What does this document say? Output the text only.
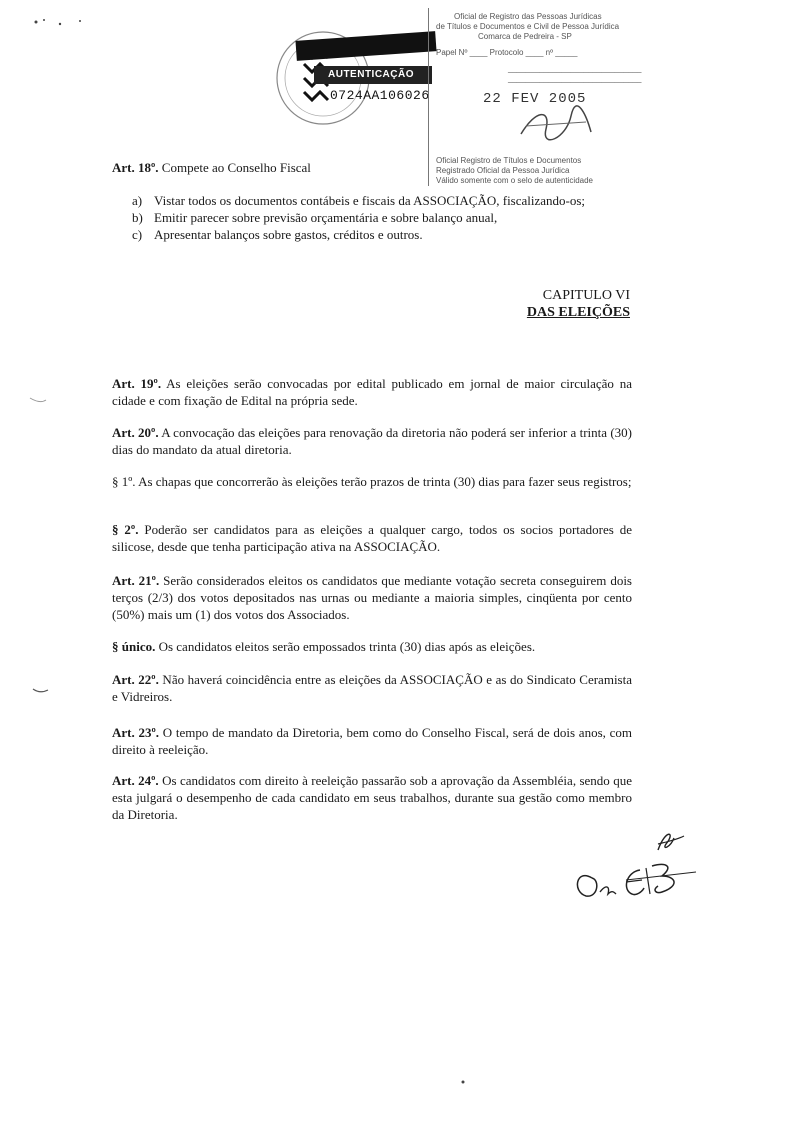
AUTENTICAÇÃO
0724AA106026
Oficial de Registro das Pessoas Jurídicas
de Títulos e Documentos e Civil de Pessoa Jurídica
Comarca de Pedreira - SP
Papel Nº ____ Protocolo ____ nº _____
______________________________
______________________________
22 FEV 2005
Oficial Registro de Títulos e Documentos
Registrado Oficial da Pessoa Jurídica
Válido somente com o selo de autenticidade
Art. 18º. Compete ao Conselho Fiscal
a) Vistar todos os documentos contábeis e fiscais da ASSOCIAÇÃO, fiscalizando-os;
b) Emitir parecer sobre previsão orçamentária e sobre balanço anual,
c) Apresentar balanços sobre gastos, créditos e outros.
CAPITULO VI
DAS ELEIÇÕES
Art. 19º. As eleições serão convocadas por edital publicado em jornal de maior circulação na cidade e com fixação de Edital na própria sede.
Art. 20º. A convocação das eleições para renovação da diretoria não poderá ser inferior a trinta (30) dias do mandato da atual diretoria.
§ 1º. As chapas que concorrerão às eleições terão prazos de trinta (30) dias para fazer seus registros;
§ 2º. Poderão ser candidatos para as eleições a qualquer cargo, todos os socios portadores de silicose, desde que tenha participação ativa na ASSOCIAÇÃO.
Art. 21º. Serão considerados eleitos os candidatos que mediante votação secreta conseguirem dois terços (2/3) dos votos depositados nas urnas ou mediante a maioria simples, cinqüenta por cento (50%) mais um (1) dos votos dos Associados.
§ único. Os candidatos eleitos serão empossados trinta (30) dias após as eleições.
Art. 22º. Não haverá coincidência entre as eleições da ASSOCIAÇÃO e as do Sindicato Ceramista e Vidreiros.
Art. 23º. O tempo de mandato da Diretoria, bem como do Conselho Fiscal, será de dois anos, com direito à reeleição.
Art. 24º. Os candidatos com direito à reeleição passarão sob a aprovação da Assembléia, sendo que esta julgará o desempenho de cada candidato em seus trabalhos, durante sua gestão como membro da Diretoria.
